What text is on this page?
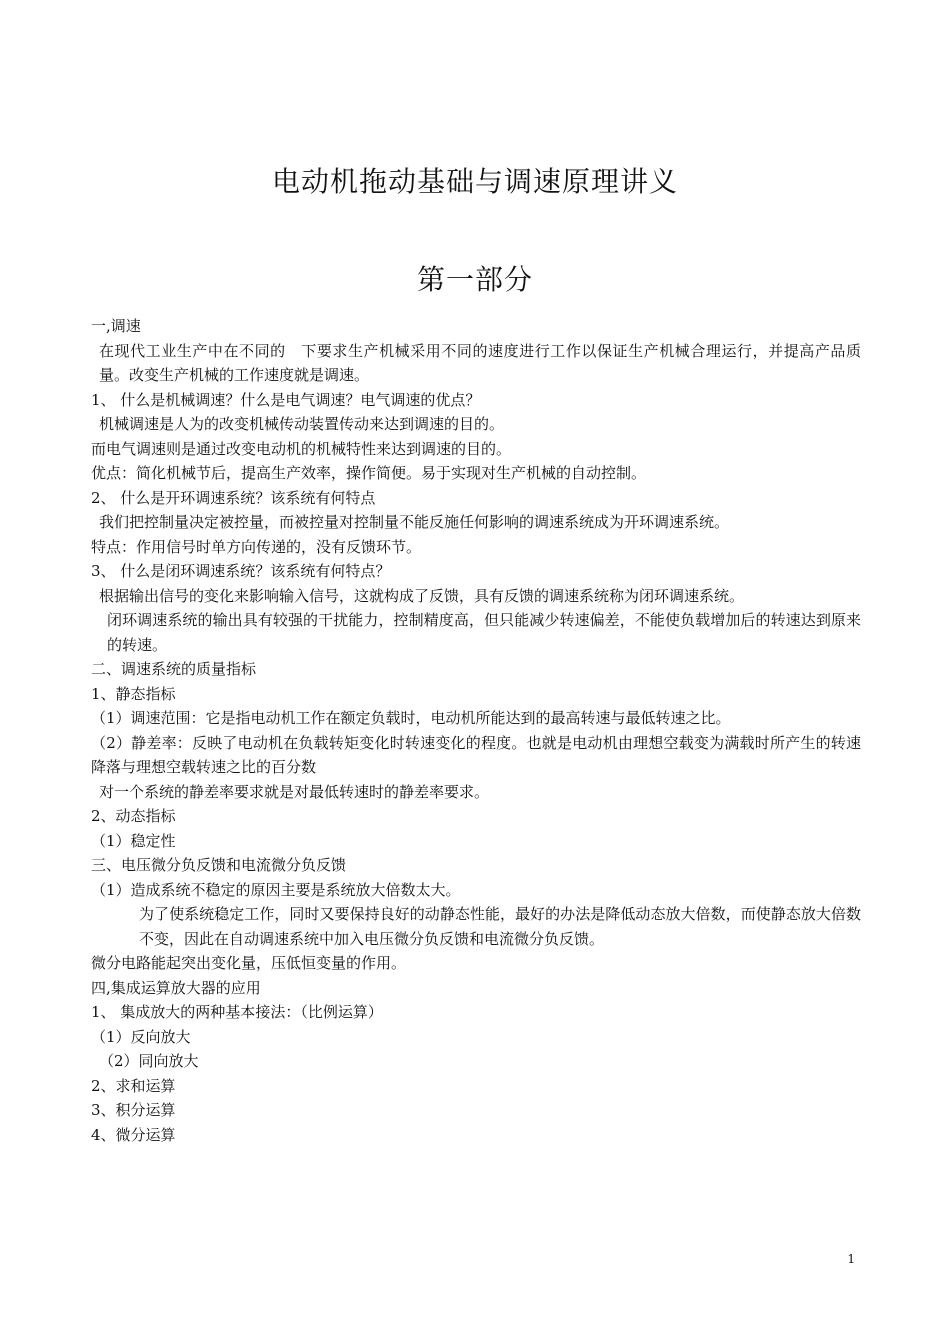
电动机拖动基础与调速原理讲义
第一部分
一,调速
在现代工业生产中在不同的　下要求生产机械采用不同的速度进行工作以保证生产机械合理运行，并提高产品质量。改变生产机械的工作速度就是调速。
1、 什么是机械调速？什么是电气调速？电气调速的优点？
机械调速是人为的改变机械传动装置传动来达到调速的目的。
而电气调速则是通过改变电动机的机械特性来达到调速的目的。
优点：简化机械节后，提高生产效率，操作简便。易于实现对生产机械的自动控制。
2、 什么是开环调速系统？该系统有何特点
我们把控制量决定被控量，而被控量对控制量不能反施任何影响的调速系统成为开环调速系统。
特点：作用信号时单方向传递的，没有反馈环节。
3、 什么是闭环调速系统？该系统有何特点？
根据输出信号的变化来影响输入信号，这就构成了反馈，具有反馈的调速系统称为闭环调速系统。
闭环调速系统的输出具有较强的干扰能力，控制精度高，但只能减少转速偏差，不能使负载增加后的转速达到原来的转速。
二、调速系统的质量指标
1、静态指标
（1）调速范围：它是指电动机工作在额定负载时，电动机所能达到的最高转速与最低转速之比。
（2）静差率：反映了电动机在负载转矩变化时转速变化的程度。也就是电动机由理想空载变为满载时所产生的转速降落与理想空载转速之比的百分数
对一个系统的静差率要求就是对最低转速时的静差率要求。
2、动态指标
（1）稳定性
三、电压微分负反馈和电流微分负反馈
（1）造成系统不稳定的原因主要是系统放大倍数太大。
为了使系统稳定工作，同时又要保持良好的动静态性能，最好的办法是降低动态放大倍数，而使静态放大倍数不变，因此在自动调速系统中加入电压微分负反馈和电流微分负反馈。
微分电路能起突出变化量，压低恒变量的作用。
四,集成运算放大器的应用
1、 集成放大的两种基本接法：（比例运算）
（1）反向放大
（2）同向放大
2、求和运算
3、积分运算
4、微分运算
1
